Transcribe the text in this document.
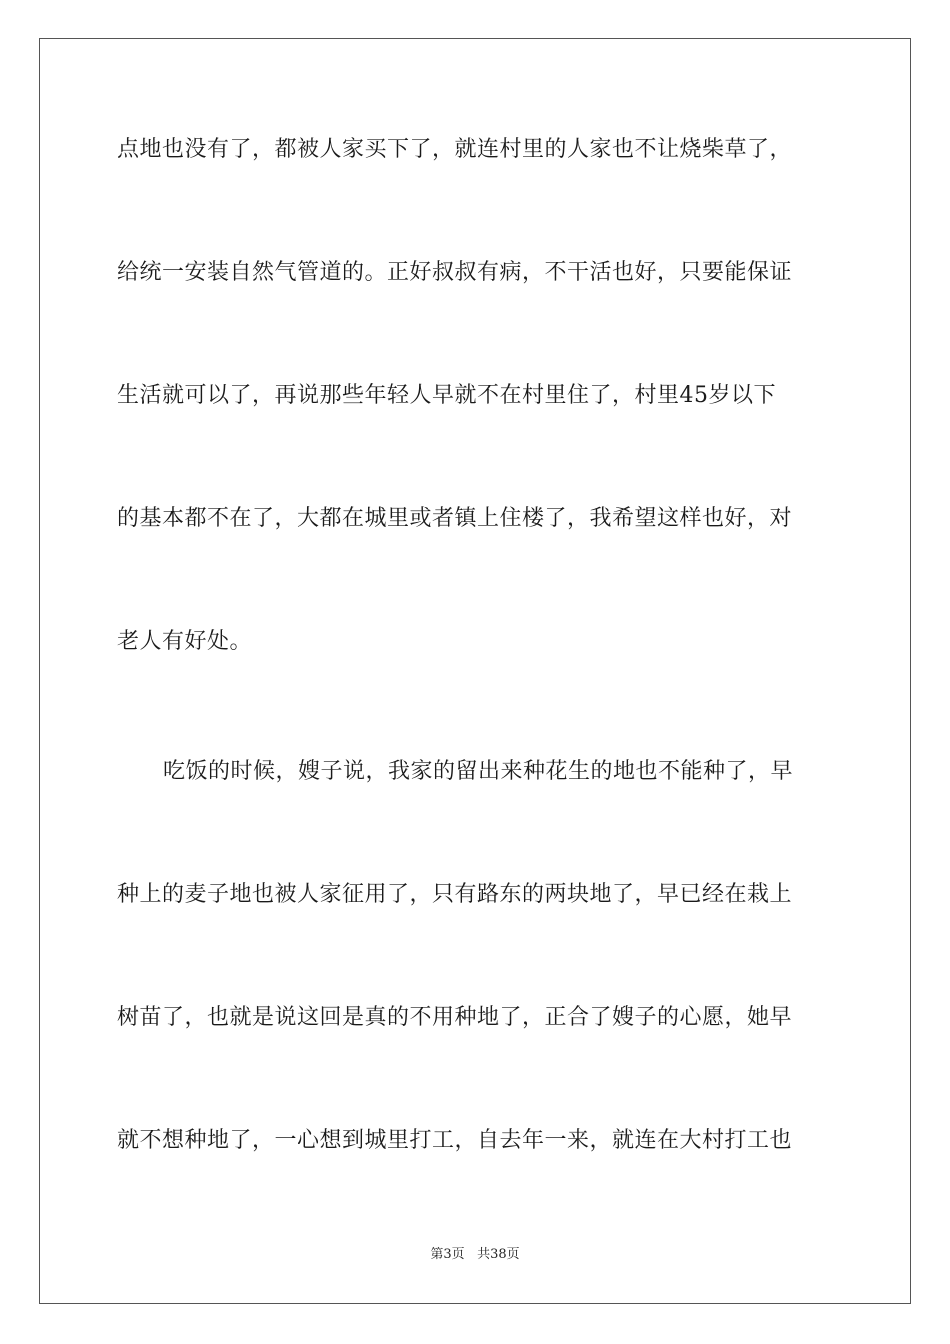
点地也没有了，都被人家买下了，就连村里的人家也不让烧柴草了，

给统一安装自然气管道的。正好叔叔有病，不干活也好，只要能保证

生活就可以了，再说那些年轻人早就不在村里住了，村里45岁以下

的基本都不在了，大都在城里或者镇上住楼了，我希望这样也好，对

老人有好处。

吃饭的时候，嫂子说，我家的留出来种花生的地也不能种了，早

种上的麦子地也被人家征用了，只有路东的两块地了，早已经在栽上

树苗了，也就是说这回是真的不用种地了，正合了嫂子的心愿，她早

就不想种地了，一心想到城里打工，自去年一来，就连在大村打工也

第3页 共38页
